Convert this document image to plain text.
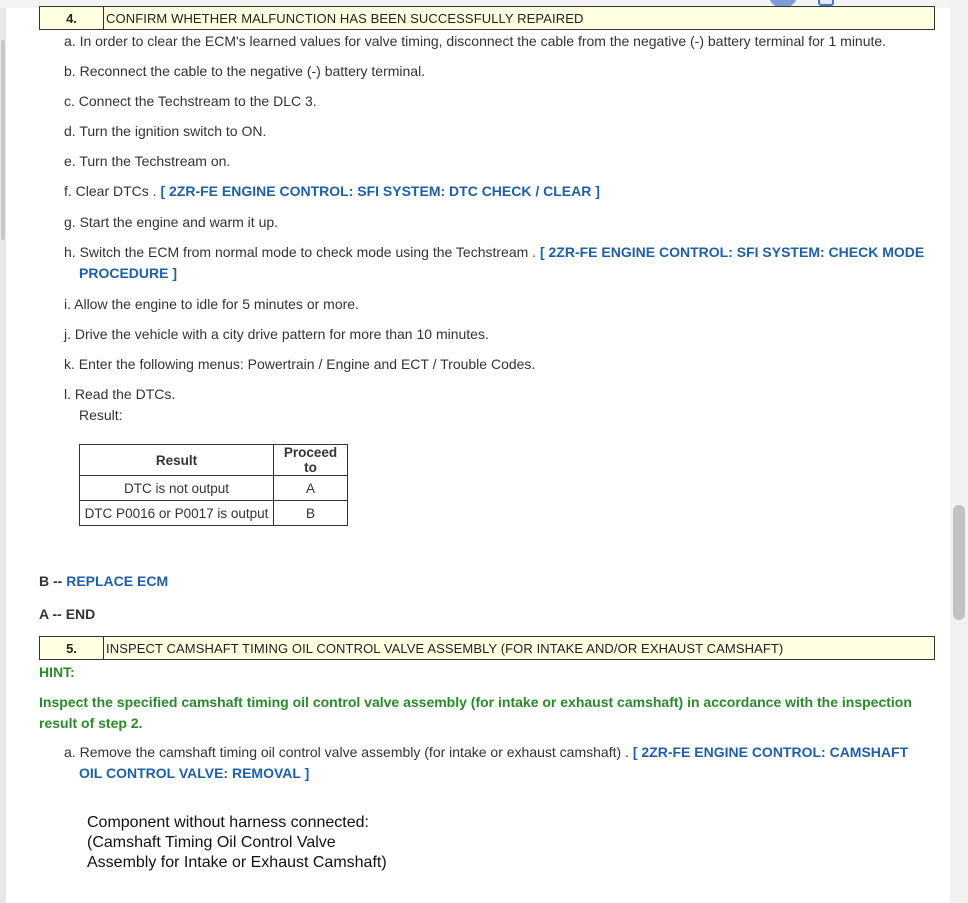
4.	CONFIRM WHETHER MALFUNCTION HAS BEEN SUCCESSFULLY REPAIRED
a. In order to clear the ECM's learned values for valve timing, disconnect the cable from the negative (-) battery terminal for 1 minute.
b. Reconnect the cable to the negative (-) battery terminal.
c. Connect the Techstream to the DLC 3.
d. Turn the ignition switch to ON.
e. Turn the Techstream on.
f. Clear DTCs . [ 2ZR-FE ENGINE CONTROL: SFI SYSTEM: DTC CHECK / CLEAR ]
g. Start the engine and warm it up.
h. Switch the ECM from normal mode to check mode using the Techstream . [ 2ZR-FE ENGINE CONTROL: SFI SYSTEM: CHECK MODE PROCEDURE ]
i. Allow the engine to idle for 5 minutes or more.
j. Drive the vehicle with a city drive pattern for more than 10 minutes.
k. Enter the following menus: Powertrain / Engine and ECT / Trouble Codes.
l. Read the DTCs.
Result:
Result	Proceed to
DTC is not output	A
DTC P0016 or P0017 is output	B
B -- REPLACE ECM
A -- END
5.	INSPECT CAMSHAFT TIMING OIL CONTROL VALVE ASSEMBLY (FOR INTAKE AND/OR EXHAUST CAMSHAFT)
HINT:
Inspect the specified camshaft timing oil control valve assembly (for intake or exhaust camshaft) in accordance with the inspection result of step 2.
a. Remove the camshaft timing oil control valve assembly (for intake or exhaust camshaft) . [ 2ZR-FE ENGINE CONTROL: CAMSHAFT OIL CONTROL VALVE: REMOVAL ]
Component without harness connected:
(Camshaft Timing Oil Control Valve
Assembly for Intake or Exhaust Camshaft)
